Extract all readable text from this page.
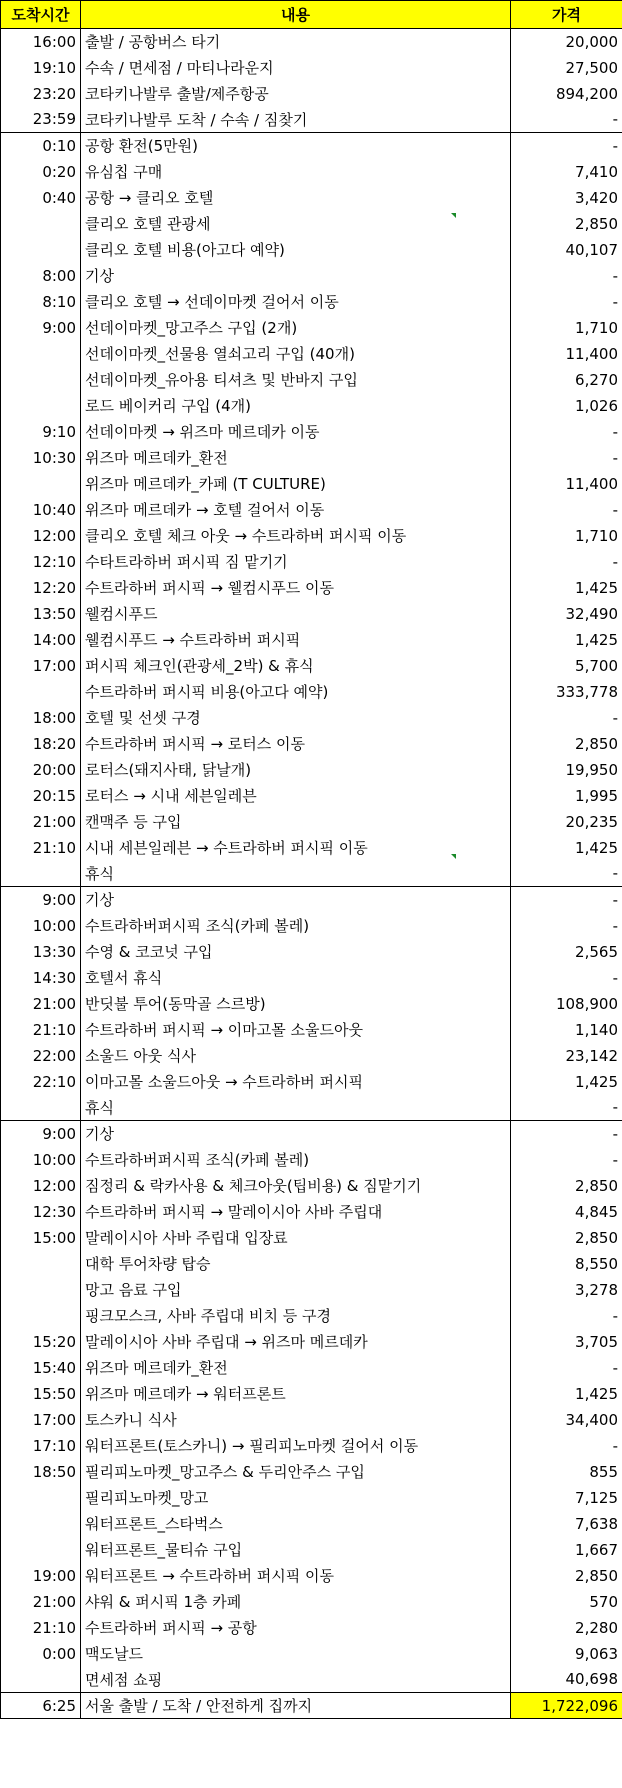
도착시간	내용	가격
16:00	출발 / 공항버스 타기	20,000
19:10	수속 / 면세점 / 마티나라운지	27,500
23:20	코타키나발루 출발/제주항공	894,200
23:59	코타키나발루 도착 / 수속 / 짐찾기	-
0:10	공항 환전(5만원)	-
0:20	유심칩 구매	7,410
0:40	공항 → 클리오 호텔	3,420
	클리오 호텔 관광세	2,850
	클리오 호텔 비용(아고다 예약)	40,107
8:00	기상	-
8:10	클리오 호텔 → 선데이마켓 걸어서 이동	-
9:00	선데이마켓_망고주스 구입 (2개)	1,710
	선데이마켓_선물용 열쇠고리 구입 (40개)	11,400
	선데이마켓_유아용 티셔츠 및 반바지 구입	6,270
	로드 베이커리 구입 (4개)	1,026
9:10	선데이마켓 → 위즈마 메르데카 이동	-
10:30	위즈마 메르데카_환전	-
	위즈마 메르데카_카페 (T CULTURE)	11,400
10:40	위즈마 메르데카 → 호텔 걸어서 이동	-
12:00	클리오 호텔 체크 아웃 → 수트라하버 퍼시픽 이동	1,710
12:10	수타트라하버 퍼시픽 짐 맡기기	-
12:20	수트라하버 퍼시픽 → 웰컴시푸드 이동	1,425
13:50	웰컴시푸드	32,490
14:00	웰컴시푸드 → 수트라하버 퍼시픽	1,425
17:00	퍼시픽 체크인(관광세_2박) & 휴식	5,700
	수트라하버 퍼시픽 비용(아고다 예약)	333,778
18:00	호텔 및 선셋 구경	-
18:20	수트라하버 퍼시픽 → 로터스 이동	2,850
20:00	로터스(돼지사태, 닭날개)	19,950
20:15	로터스 → 시내 세븐일레븐	1,995
21:00	캔맥주 등 구입	20,235
21:10	시내 세븐일레븐 → 수트라하버 퍼시픽 이동	1,425
	휴식	-
9:00	기상	-
10:00	수트라하버퍼시픽 조식(카페 볼레)	-
13:30	수영 & 코코넛 구입	2,565
14:30	호텔서 휴식	-
21:00	반딧불 투어(동막골 스르방)	108,900
21:10	수트라하버 퍼시픽 → 이마고몰 소울드아웃	1,140
22:00	소울드 아웃 식사	23,142
22:10	이마고몰 소울드아웃 → 수트라하버 퍼시픽	1,425
	휴식	-
9:00	기상	-
10:00	수트라하버퍼시픽 조식(카페 볼레)	-
12:00	짐정리 & 락카사용 & 체크아웃(팁비용) & 짐맡기기	2,850
12:30	수트라하버 퍼시픽 → 말레이시아 사바 주립대	4,845
15:00	말레이시아 사바 주립대 입장료	2,850
	대학 투어차량 탑승	8,550
	망고 음료 구입	3,278
	핑크모스크, 사바 주립대 비치 등 구경	-
15:20	말레이시아 사바 주립대 → 위즈마 메르데카	3,705
15:40	위즈마 메르데카_환전	-
15:50	위즈마 메르데카 → 워터프론트	1,425
17:00	토스카니 식사	34,400
17:10	워터프론트(토스카니) → 필리피노마켓 걸어서 이동	-
18:50	필리피노마켓_망고주스 & 두리안주스 구입	855
	필리피노마켓_망고	7,125
	워터프론트_스타벅스	7,638
	워터프론트_물티슈 구입	1,667
19:00	워터프론트 → 수트라하버 퍼시픽 이동	2,850
21:00	샤워 & 퍼시픽 1층 카페	570
21:10	수트라하버 퍼시픽 → 공항	2,280
0:00	맥도날드	9,063
	면세점 쇼핑	40,698
6:25	서울 출발 / 도착 / 안전하게 집까지	1,722,096
